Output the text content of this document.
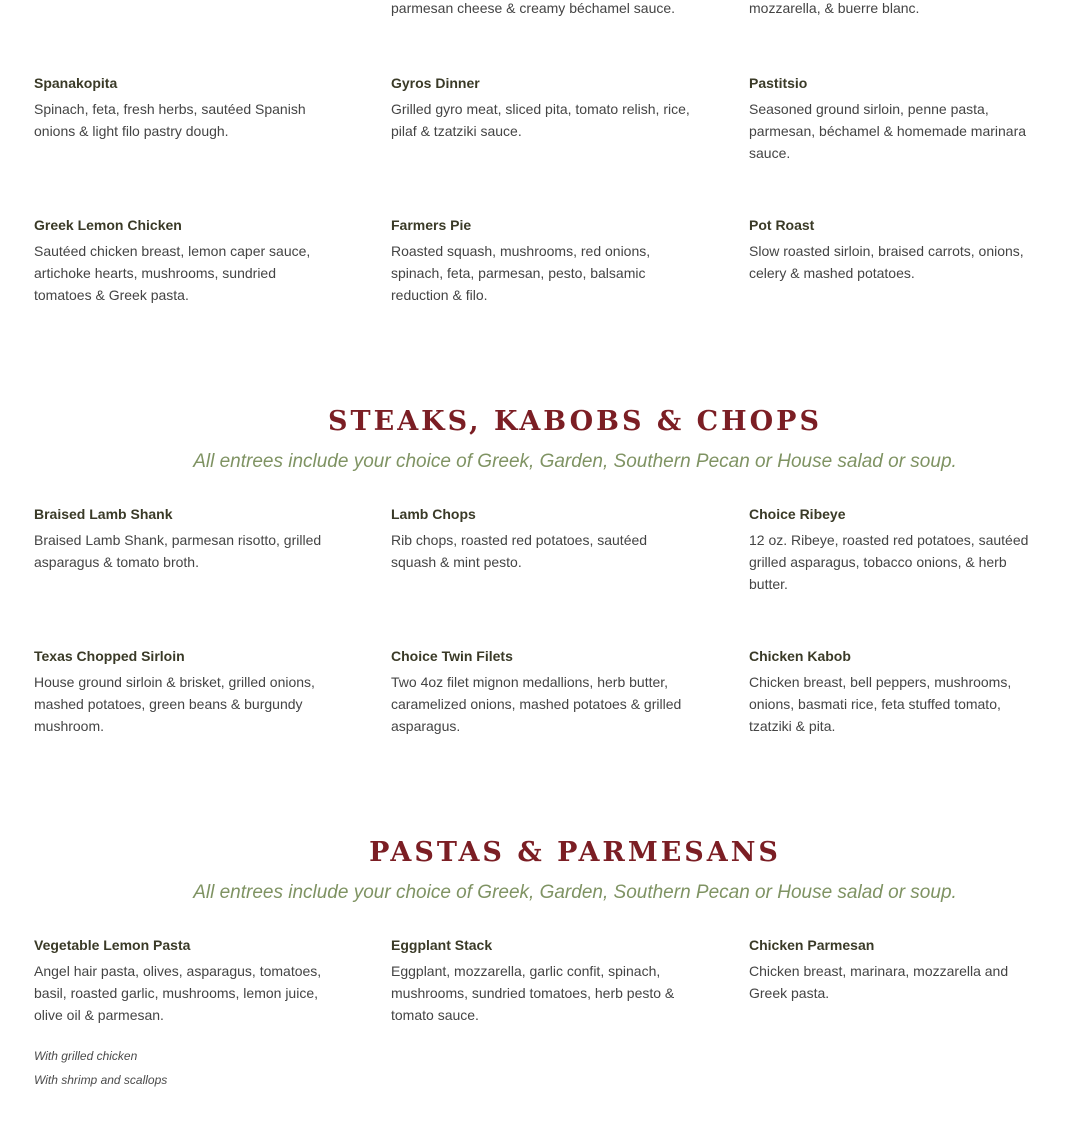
parmesan cheese & creamy béchamel sauce.	mozzarella, & buerre blanc.

Spanakopita

Spinach, feta, fresh herbs, sautéed Spanish onions & light filo pastry dough.

Gyros Dinner

Grilled gyro meat, sliced pita, tomato relish, rice, pilaf & tzatziki sauce.

Pastitsio

Seasoned ground sirloin, penne pasta, parmesan, béchamel & homemade marinara sauce.

Greek Lemon Chicken

Sautéed chicken breast, lemon caper sauce, artichoke hearts, mushrooms, sundried tomatoes & Greek pasta.

Farmers Pie

Roasted squash, mushrooms, red onions, spinach, feta, parmesan, pesto, balsamic reduction & filo.

Pot Roast

Slow roasted sirloin, braised carrots, onions, celery & mashed potatoes.

STEAKS, KABOBS & CHOPS

All entrees include your choice of Greek, Garden, Southern Pecan or House salad or soup.

Braised Lamb Shank

Braised Lamb Shank, parmesan risotto, grilled asparagus & tomato broth.

Lamb Chops

Rib chops, roasted red potatoes, sautéed squash & mint pesto.

Choice Ribeye

12 oz. Ribeye, roasted red potatoes, sautéed grilled asparagus, tobacco onions, & herb butter.

Texas Chopped Sirloin

House ground sirloin & brisket, grilled onions, mashed potatoes, green beans & burgundy mushroom.

Choice Twin Filets

Two 4oz filet mignon medallions, herb butter, caramelized onions, mashed potatoes & grilled asparagus.

Chicken Kabob

Chicken breast, bell peppers, mushrooms, onions, basmati rice, feta stuffed tomato, tzatziki & pita.

PASTAS & PARMESANS

All entrees include your choice of Greek, Garden, Southern Pecan or House salad or soup.

Vegetable Lemon Pasta

Angel hair pasta, olives, asparagus, tomatoes, basil, roasted garlic, mushrooms, lemon juice, olive oil & parmesan.

Eggplant Stack

Eggplant, mozzarella, garlic confit, spinach, mushrooms, sundried tomatoes, herb pesto & tomato sauce.

Chicken Parmesan

Chicken breast, marinara, mozzarella and Greek pasta.

With grilled chicken
With shrimp and scallops
